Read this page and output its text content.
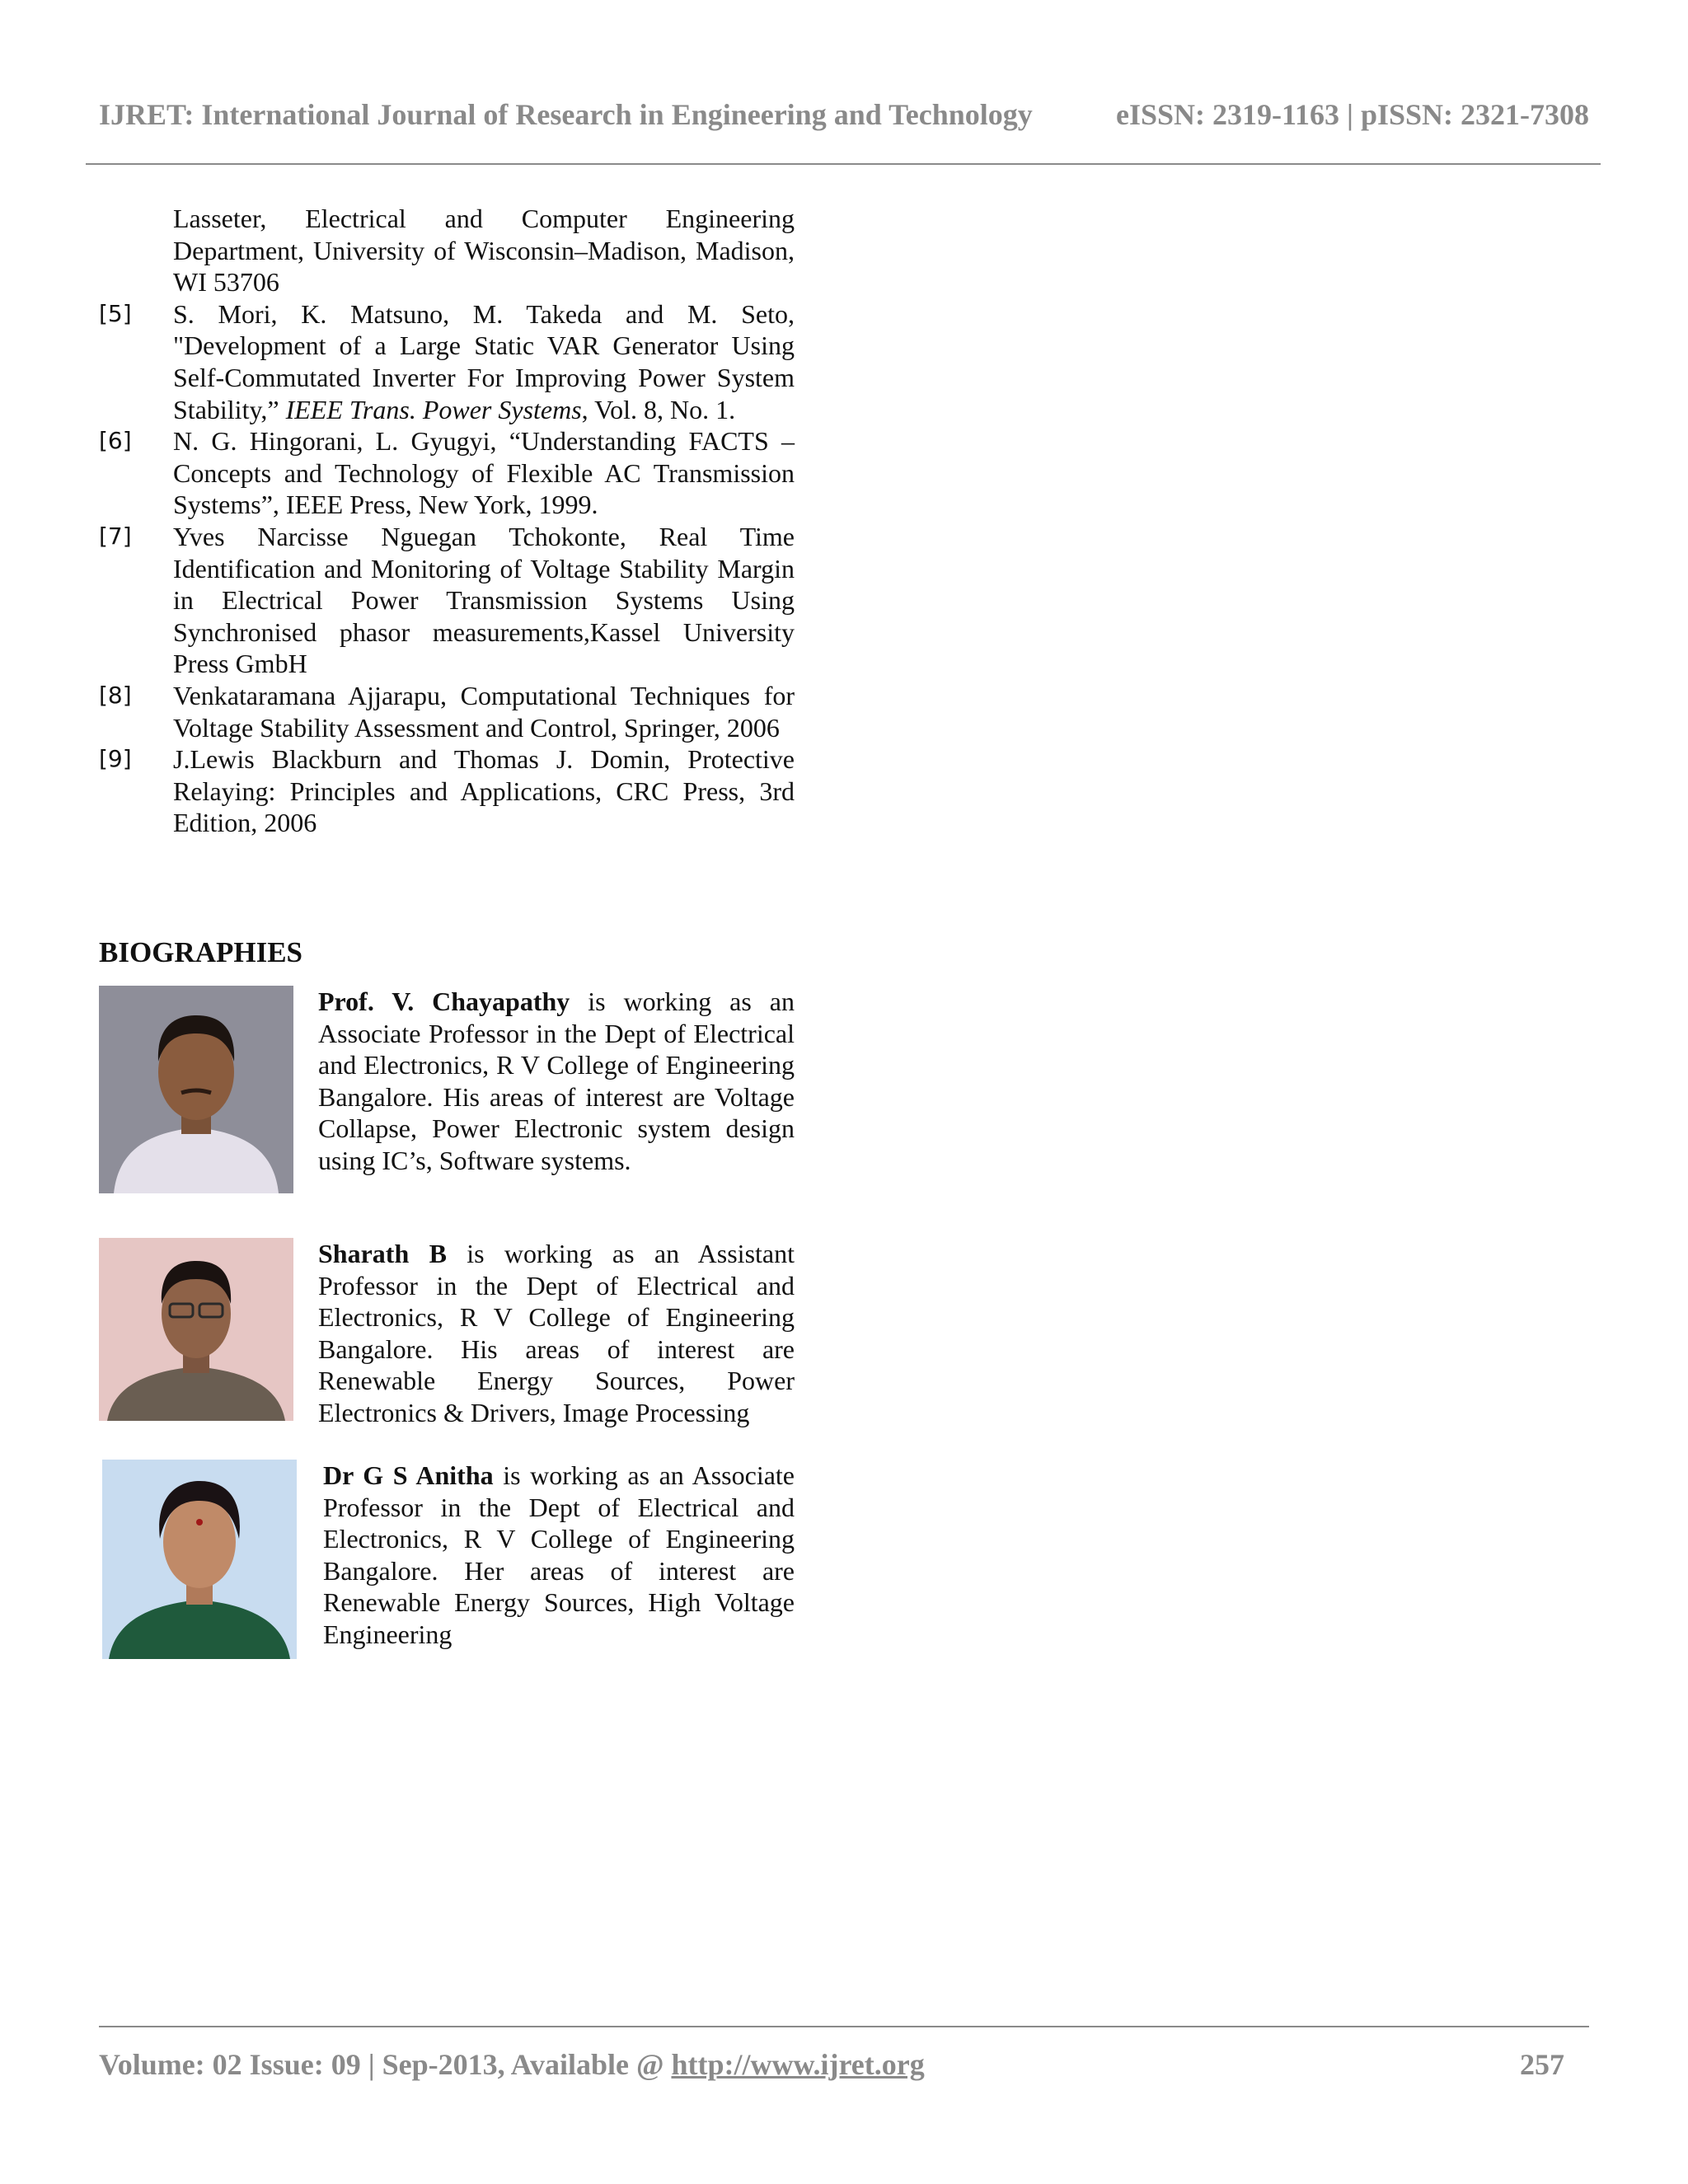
IJRET: International Journal of Research in Engineering and Technology	eISSN: 2319-1163 | pISSN: 2321-7308
Lasseter, Electrical and Computer Engineering Department, University of Wisconsin–Madison, Madison, WI 53706
[5]	S. Mori, K. Matsuno, M. Takeda and M. Seto, "Development of a Large Static VAR Generator Using Self-Commutated Inverter For Improving Power System Stability,” IEEE Trans. Power Systems, Vol. 8, No. 1.
[6]	N. G. Hingorani, L. Gyugyi, “Understanding FACTS – Concepts and Technology of Flexible AC Transmission Systems”, IEEE Press, New York, 1999.
[7]	Yves Narcisse Nguegan Tchokonte, Real Time Identification and Monitoring of Voltage Stability Margin in Electrical Power Transmission Systems Using Synchronised phasor measurements,Kassel University Press GmbH
[8]	Venkataramana Ajjarapu, Computational Techniques for Voltage Stability Assessment and Control, Springer, 2006
[9]	J.Lewis Blackburn and Thomas J. Domin, Protective Relaying: Principles and Applications, CRC Press, 3rd Edition, 2006
BIOGRAPHIES
Prof. V. Chayapathy is working as an Associate Professor in the Dept of Electrical and Electronics, R V College of Engineering Bangalore. His areas of interest are Voltage Collapse, Power Electronic system design using IC’s, Software systems.
Sharath B is working as an Assistant Professor in the Dept of Electrical and Electronics, R V College of Engineering Bangalore. His areas of interest are Renewable Energy Sources, Power Electronics & Drivers, Image Processing
Dr G S Anitha is working as an Associate Professor in the Dept of Electrical and Electronics, R V College of Engineering Bangalore. Her areas of interest are Renewable Energy Sources, High Voltage Engineering
Volume: 02 Issue: 09 | Sep-2013, Available @ http://www.ijret.org	257
